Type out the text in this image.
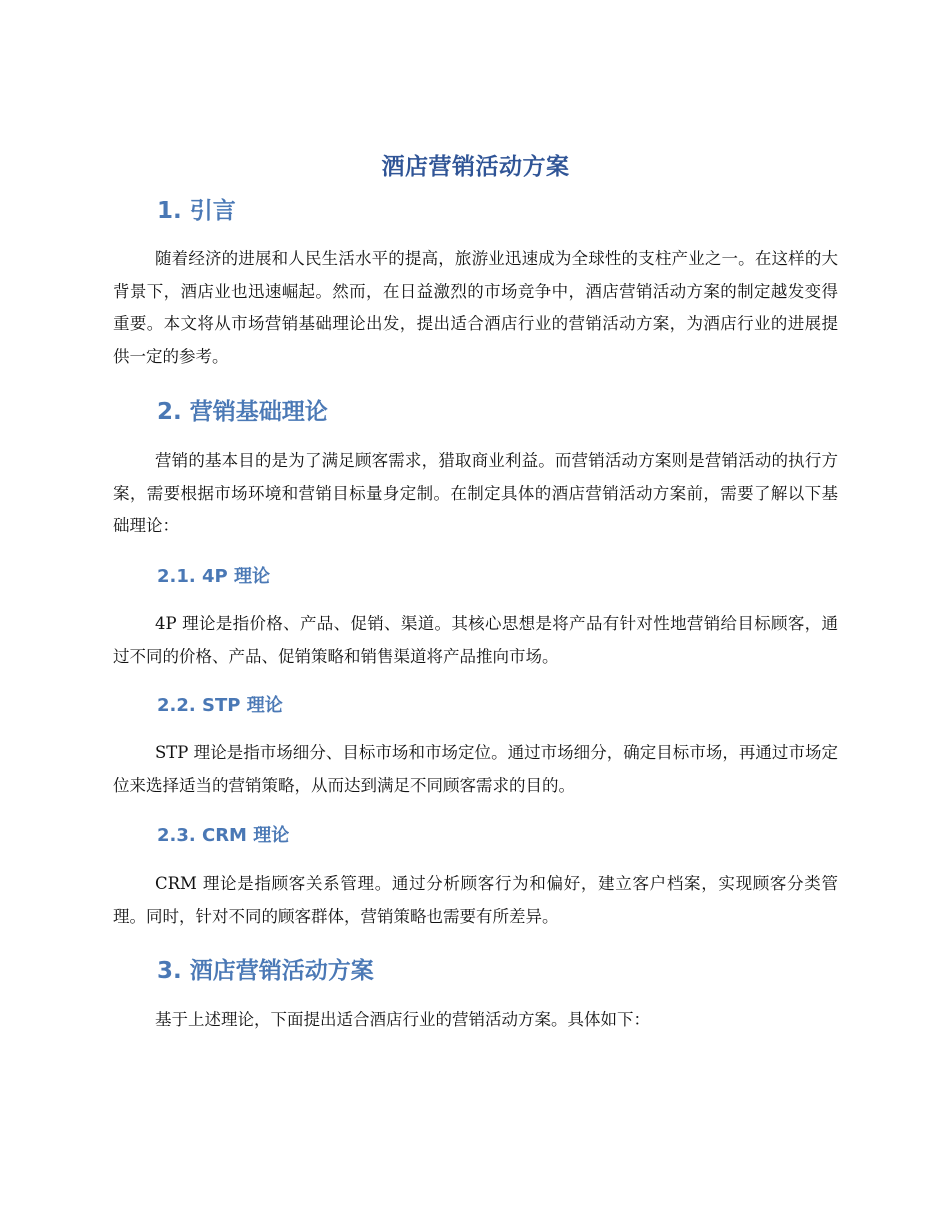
酒店营销活动方案
1. 引言

随着经济的进展和人民生活水平的提高，旅游业迅速成为全球性的支柱产业之一。在这样的大背景下，酒店业也迅速崛起。然而，在日益激烈的市场竞争中，酒店营销活动方案的制定越发变得重要。本文将从市场营销基础理论出发，提出适合酒店行业的营销活动方案，为酒店行业的进展提供一定的参考。

2. 营销基础理论

营销的基本目的是为了满足顾客需求，猎取商业利益。而营销活动方案则是营销活动的执行方案，需要根据市场环境和营销目标量身定制。在制定具体的酒店营销活动方案前，需要了解以下基础理论：

2.1. 4P 理论

4P 理论是指价格、产品、促销、渠道。其核心思想是将产品有针对性地营销给目标顾客，通过不同的价格、产品、促销策略和销售渠道将产品推向市场。

2.2. STP 理论

STP 理论是指市场细分、目标市场和市场定位。通过市场细分，确定目标市场，再通过市场定位来选择适当的营销策略，从而达到满足不同顾客需求的目的。

2.3. CRM 理论

CRM 理论是指顾客关系管理。通过分析顾客行为和偏好，建立客户档案，实现顾客分类管理。同时，针对不同的顾客群体，营销策略也需要有所差异。

3. 酒店营销活动方案

基于上述理论，下面提出适合酒店行业的营销活动方案。具体如下：
